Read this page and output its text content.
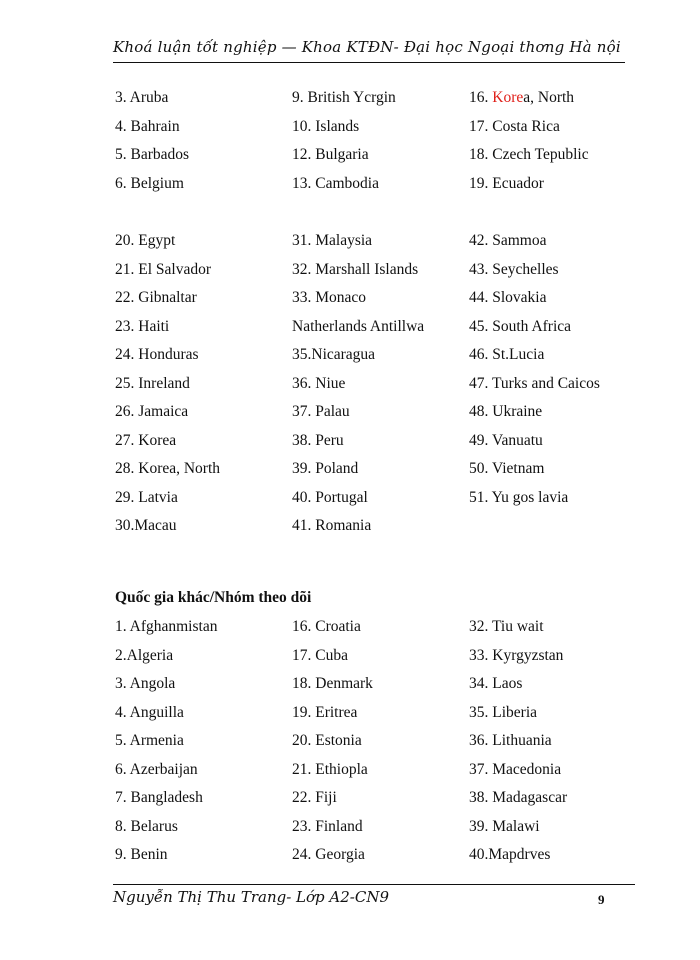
Khoá luận tốt nghiệp — Khoa KTĐN- Đại học Ngoại thơng Hà nội
3. Aruba	9. British Ycrgin	16. Korea, North
4. Bahrain	10. Islands	17. Costa Rica
5. Barbados	12. Bulgaria	18. Czech Tepublic
6. Belgium	13. Cambodia	19. Ecuador
20. Egypt	31. Malaysia	42. Sammoa
21. El Salvador	32. Marshall Islands	43. Seychelles
22. Gibnaltar	33. Monaco	44. Slovakia
23. Haiti	Natherlands Antillwa	45. South Africa
24. Honduras	35.Nicaragua	46. St.Lucia
25. Inreland	36. Niue	47. Turks and Caicos
26. Jamaica	37. Palau	48. Ukraine
27. Korea	38. Peru	49. Vanuatu
28. Korea, North	39. Poland	50. Vietnam
29. Latvia	40. Portugal	51. Yu gos lavia
30.Macau	41. Romania
Quốc gia khác/Nhóm theo dõi
1. Afghanmistan	16. Croatia	32. Tiu wait
2.Algeria	17. Cuba	33. Kyrgyzstan
3. Angola	18. Denmark	34. Laos
4. Anguilla	19. Eritrea	35. Liberia
5. Armenia	20. Estonia	36. Lithuania
6. Azerbaijan	21. Ethiopla	37. Macedonia
7. Bangladesh	22. Fiji	38. Madagascar
8. Belarus	23. Finland	39. Malawi
9. Benin	24. Georgia	40.Mapdrves
Nguyễn Thị Thu Trang- Lớp A2-CN9	9
